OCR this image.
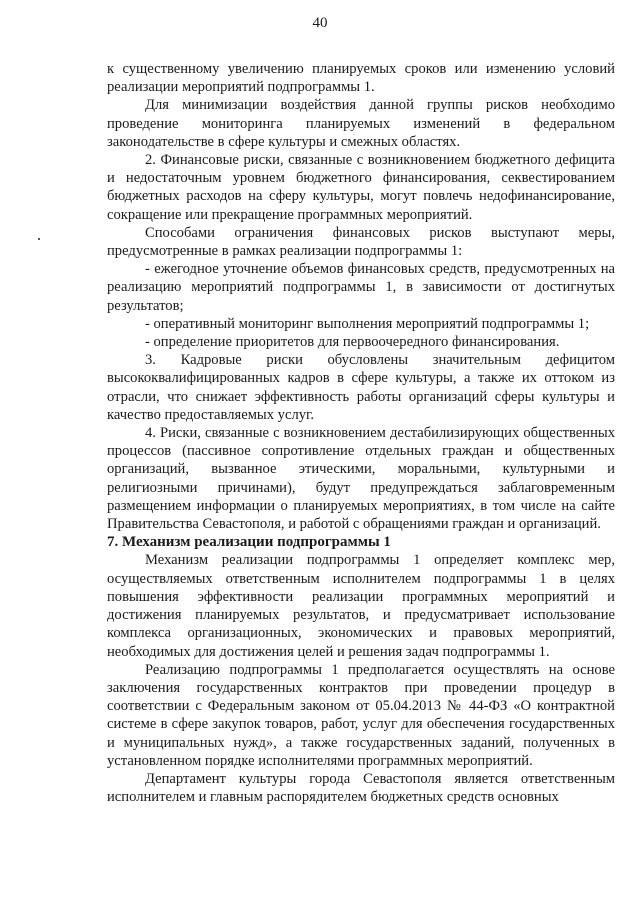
40

к существенному увеличению планируемых сроков или изменению условий реализации мероприятий подпрограммы 1.

Для минимизации воздействия данной группы рисков необходимо проведение мониторинга планируемых изменений в федеральном законодательстве в сфере культуры и смежных областях.

2. Финансовые риски, связанные с возникновением бюджетного дефицита и недостаточным уровнем бюджетного финансирования, секвестированием бюджетных расходов на сферу культуры, могут повлечь недофинансирование, сокращение или прекращение программных мероприятий.

Способами ограничения финансовых рисков выступают меры, предусмотренные в рамках реализации подпрограммы 1:

- ежегодное уточнение объемов финансовых средств, предусмотренных на реализацию мероприятий подпрограммы 1, в зависимости от достигнутых результатов;

- оперативный мониторинг выполнения мероприятий подпрограммы 1;

- определение приоритетов для первоочередного финансирования.

3. Кадровые риски обусловлены значительным дефицитом высококвалифицированных кадров в сфере культуры, а также их оттоком из отрасли, что снижает эффективность работы организаций сферы культуры и качество предоставляемых услуг.

4. Риски, связанные с возникновением дестабилизирующих общественных процессов (пассивное сопротивление отдельных граждан и общественных организаций, вызванное этическими, моральными, культурными и религиозными причинами), будут предупреждаться заблаговременным размещением информации о планируемых мероприятиях, в том числе на сайте Правительства Севастополя, и работой с обращениями граждан и организаций.

7. Механизм реализации подпрограммы 1

Механизм реализации подпрограммы 1 определяет комплекс мер, осуществляемых ответственным исполнителем подпрограммы 1 в целях повышения эффективности реализации программных мероприятий и достижения планируемых результатов, и предусматривает использование комплекса организационных, экономических и правовых мероприятий, необходимых для достижения целей и решения задач подпрограммы 1.

Реализацию подпрограммы 1 предполагается осуществлять на основе заключения государственных контрактов при проведении процедур в соответствии с Федеральным законом от 05.04.2013 № 44-ФЗ «О контрактной системе в сфере закупок товаров, работ, услуг для обеспечения государственных и муниципальных нужд», а также государственных заданий, полученных в установленном порядке исполнителями программных мероприятий.

Департамент культуры города Севастополя является ответственным исполнителем и главным распорядителем бюджетных средств основных
